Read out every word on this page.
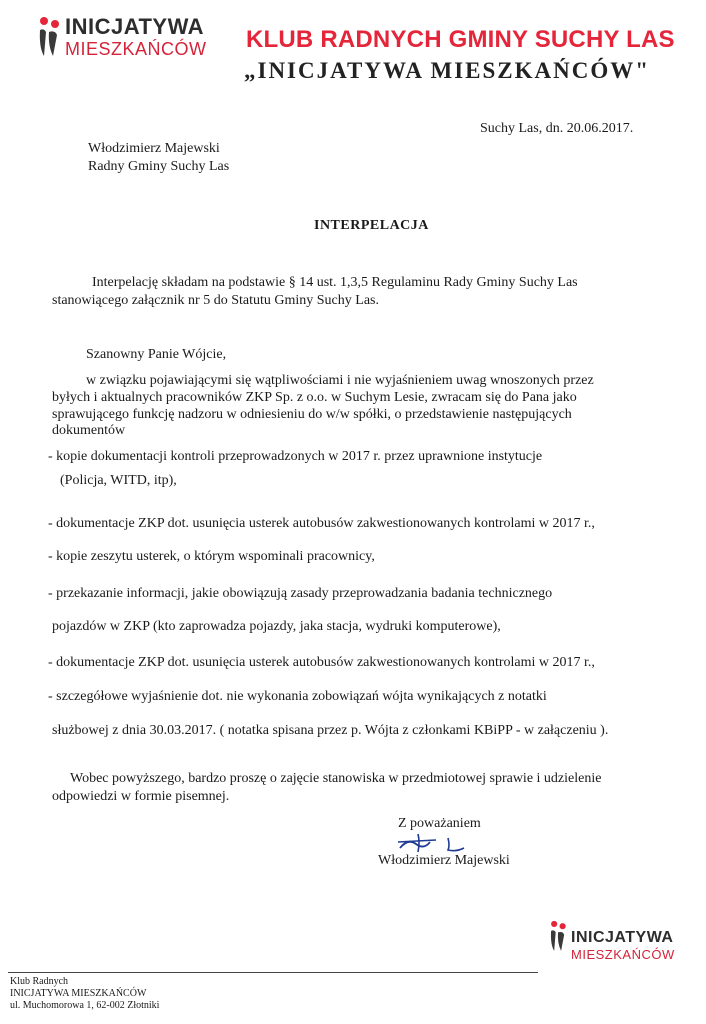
INICJATYWA
MIESZKAŃCÓW KLUB RADNYCH GMINY SUCHY LAS
„INICJATYWA MIESZKAŃCÓW"
Suchy Las, dn. 20.06.2017.
Włodzimierz Majewski
Radny Gminy Suchy Las
INTERPELACJA
Interpelację składam na podstawie § 14 ust. 1,3,5 Regulaminu Rady Gminy Suchy Las
stanowiącego załącznik nr 5 do Statutu Gminy Suchy Las.
Szanowny Panie Wójcie,
w związku pojawiającymi się wątpliwościami i nie wyjaśnieniem uwag wnoszonych przez
byłych i aktualnych pracowników ZKP Sp. z o.o. w Suchym Lesie, zwracam się do Pana jako
sprawującego funkcję nadzoru w odniesieniu do w/w spółki, o przedstawienie następujących
dokumentów
- kopie dokumentacji kontroli przeprowadzonych w 2017 r. przez uprawnione instytucje
(Policja, WITD, itp),
- dokumentacje ZKP dot. usunięcia usterek autobusów zakwestionowanych kontrolami w 2017 r.,
- kopie zeszytu usterek, o którym wspominali pracownicy,
- przekazanie informacji, jakie obowiązują zasady przeprowadzania badania technicznego
pojazdów w ZKP (kto zaprowadza pojazdy, jaka stacja, wydruki komputerowe),
- dokumentacje ZKP dot. usunięcia usterek autobusów zakwestionowanych kontrolami w 2017 r.,
- szczegółowe wyjaśnienie dot. nie wykonania zobowiązań wójta wynikających z notatki
służbowej z dnia 30.03.2017. ( notatka spisana przez p. Wójta z członkami KBiPP - w załączeniu ).
Wobec powyższego, bardzo proszę o zajęcie stanowiska w przedmiotowej sprawie i udzielenie
odpowiedzi w formie pisemnej.
Z poważaniem
Włodzimierz Majewski
INICJATYWA
MIESZKAŃCÓW
Klub Radnych
INICJATYWA MIESZKAŃCÓW
ul. Muchomorowa 1, 62-002 Złotniki
